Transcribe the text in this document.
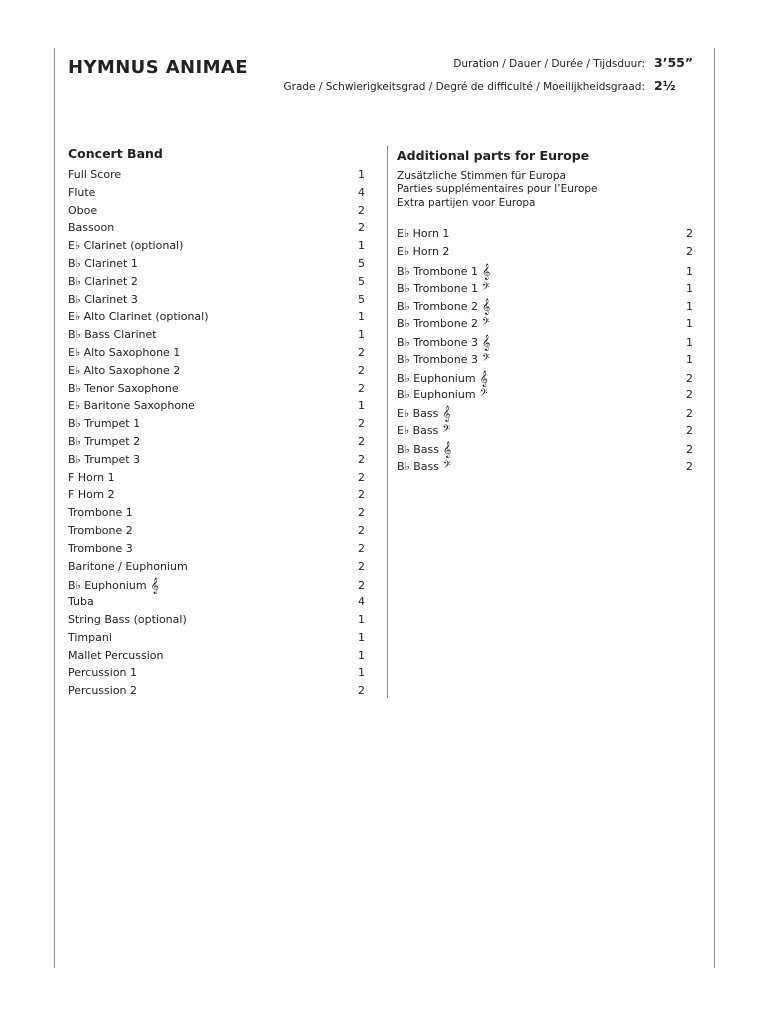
HYMNUS ANIMAE	Duration / Dauer / Durée / Tijdsduur: 3’55”
Grade / Schwierigkeitsgrad / Degré de difficulté / Moeilijkheidsgraad: 2½
Concert Band
Full Score	1
Flute	4
Oboe	2
Bassoon	2
E♭ Clarinet (optional)	1
B♭ Clarinet 1	5
B♭ Clarinet 2	5
B♭ Clarinet 3	5
E♭ Alto Clarinet (optional)	1
B♭ Bass Clarinet	1
E♭ Alto Saxophone 1	2
E♭ Alto Saxophone 2	2
B♭ Tenor Saxophone	2
E♭ Baritone Saxophone	1
B♭ Trumpet 1	2
B♭ Trumpet 2	2
B♭ Trumpet 3	2
F Horn 1	2
F Horn 2	2
Trombone 1	2
Trombone 2	2
Trombone 3	2
Baritone / Euphonium	2
B♭ Euphonium 𝄞	2
Tuba	4
String Bass (optional)	1
Timpani	1
Mallet Percussion	1
Percussion 1	1
Percussion 2	2
Additional parts for Europe
Zusätzliche Stimmen für Europa
Parties supplémentaires pour l’Europe
Extra partijen voor Europa
E♭ Horn 1	2
E♭ Horn 2	2
B♭ Trombone 1 𝄞	1
B♭ Trombone 1 𝄢	1
B♭ Trombone 2 𝄞	1
B♭ Trombone 2 𝄢	1
B♭ Trombone 3 𝄞	1
B♭ Trombone 3 𝄢	1
B♭ Euphonium 𝄞	2
B♭ Euphonium 𝄢	2
E♭ Bass 𝄞	2
E♭ Bass 𝄢	2
B♭ Bass 𝄞	2
B♭ Bass 𝄢	2
